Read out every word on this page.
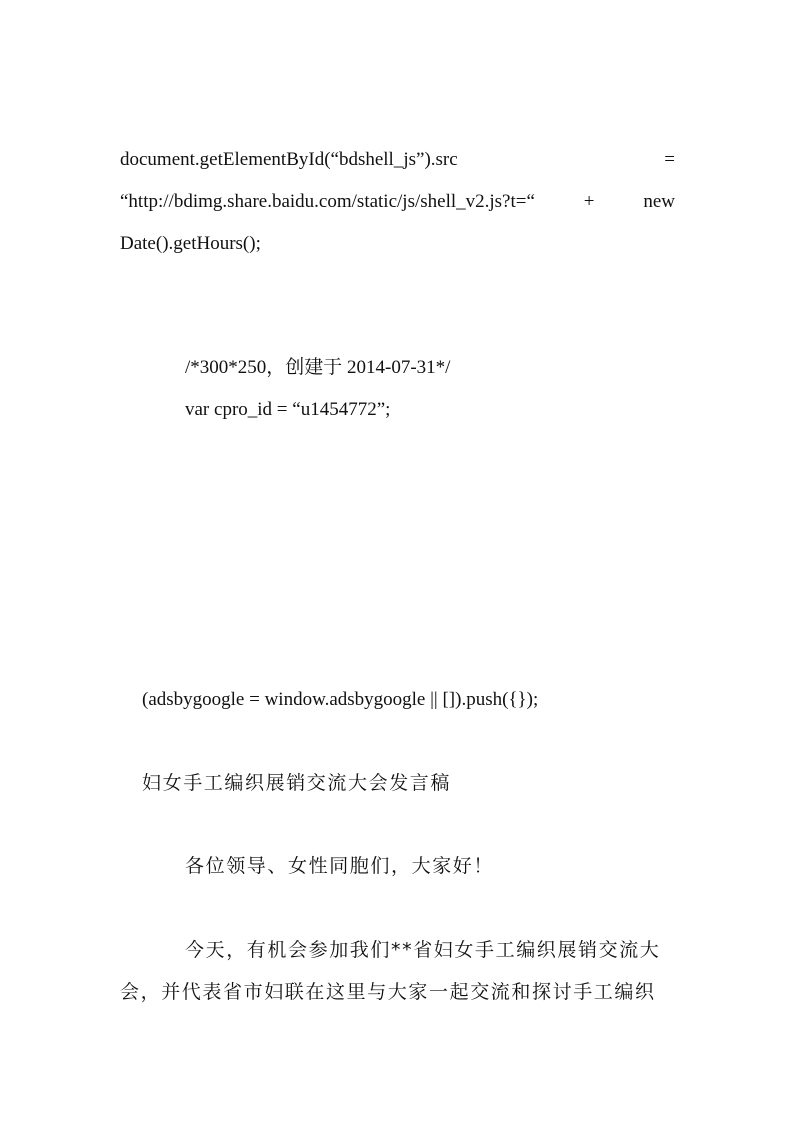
document.getElementById(“bdshell_js”).src	=
“http://bdimg.share.baidu.com/static/js/shell_v2.js?t=“	+	new
Date().getHours();
/*300*250，创建于 2014-07-31*/
var cpro_id = “u1454772”;
(adsbygoogle = window.adsbygoogle || []).push({});
妇女手工编织展销交流大会发言稿
各位领导、女性同胞们，大家好！
今天，有机会参加我们**省妇女手工编织展销交流大
会，并代表省市妇联在这里与大家一起交流和探讨手工编织
